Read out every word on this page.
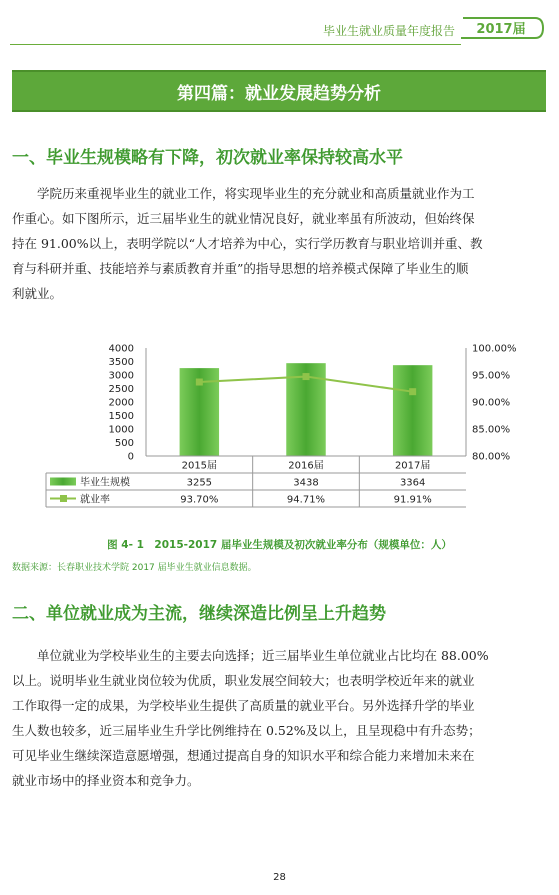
毕业生就业质量年度报告 2017届
第四篇：就业发展趋势分析
一、毕业生规模略有下降，初次就业率保持较高水平

学院历来重视毕业生的就业工作，将实现毕业生的充分就业和高质量就业作为工
作重心。如下图所示，近三届毕业生的就业情况良好，就业率虽有所波动，但始终保
持在 91.00%以上，表明学院以“人才培养为中心，实行学历教育与职业培训并重、教
育与科研并重、技能培养与素质教育并重”的指导思想的培养模式保障了毕业生的顺
利就业。

0
500
1000
1500
2000
2500
3000
3500
4000
80.00%
85.00%
90.00%
95.00%
100.00%
2015届	2016届	2017届
毕业生规模
就业率
3255
93.70%
3438
94.71%
3364
91.91%
图 4- 1　2015-2017 届毕业生规模及初次就业率分布（规模单位：人）
数据来源：长春职业技术学院 2017 届毕业生就业信息数据。
二、单位就业成为主流，继续深造比例呈上升趋势

单位就业为学校毕业生的主要去向选择；近三届毕业生单位就业占比均在 88.00%
以上。说明毕业生就业岗位较为优质，职业发展空间较大；也表明学校近年来的就业
工作取得一定的成果，为学校毕业生提供了高质量的就业平台。另外选择升学的毕业
生人数也较多，近三届毕业生升学比例维持在 0.52%及以上，且呈现稳中有升态势；
可见毕业生继续深造意愿增强，想通过提高自身的知识水平和综合能力来增加未来在
就业市场中的择业资本和竞争力。

28
